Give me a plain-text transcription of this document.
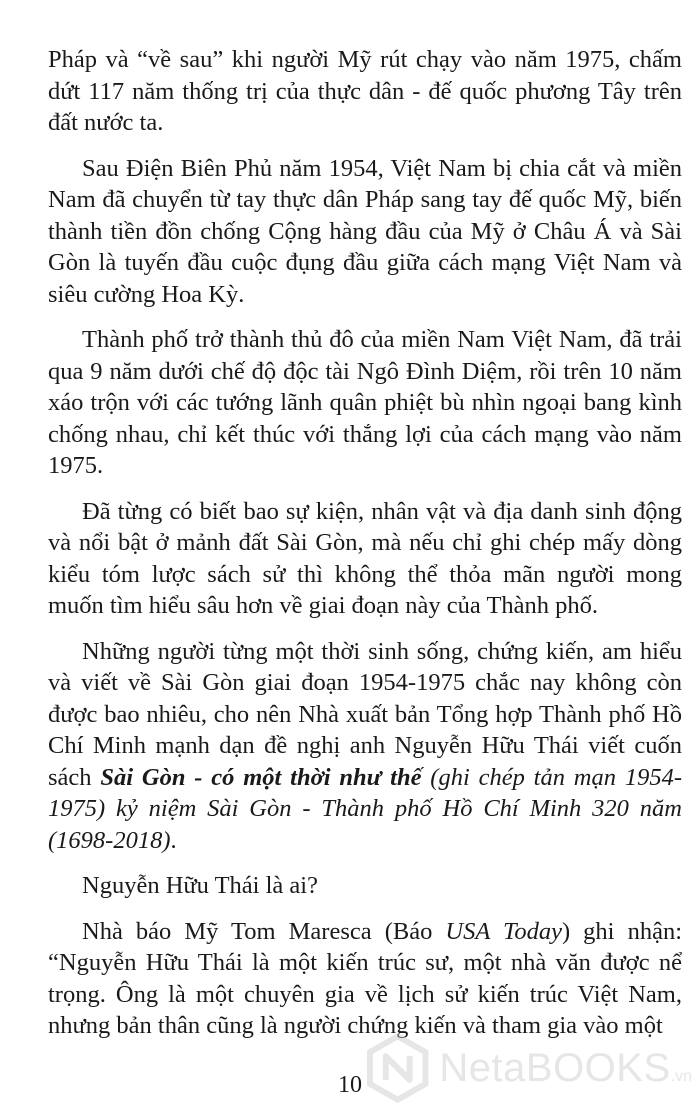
Pháp và “về sau” khi người Mỹ rút chạy vào năm 1975, chấm dứt 117 năm thống trị của thực dân - đế quốc phương Tây trên đất nước ta.

Sau Điện Biên Phủ năm 1954, Việt Nam bị chia cắt và miền Nam đã chuyển từ tay thực dân Pháp sang tay đế quốc Mỹ, biến thành tiền đồn chống Cộng hàng đầu của Mỹ ở Châu Á và Sài Gòn là tuyến đầu cuộc đụng đầu giữa cách mạng Việt Nam và siêu cường Hoa Kỳ.

Thành phố trở thành thủ đô của miền Nam Việt Nam, đã trải qua 9 năm dưới chế độ độc tài Ngô Đình Diệm, rồi trên 10 năm xáo trộn với các tướng lãnh quân phiệt bù nhìn ngoại bang kình chống nhau, chỉ kết thúc với thắng lợi của cách mạng vào năm 1975.

Đã từng có biết bao sự kiện, nhân vật và địa danh sinh động và nổi bật ở mảnh đất Sài Gòn, mà nếu chỉ ghi chép mấy dòng kiểu tóm lược sách sử thì không thể thỏa mãn người mong muốn tìm hiểu sâu hơn về giai đoạn này của Thành phố.

Những người từng một thời sinh sống, chứng kiến, am hiểu và viết về Sài Gòn giai đoạn 1954-1975 chắc nay không còn được bao nhiêu, cho nên Nhà xuất bản Tổng hợp Thành phố Hồ Chí Minh mạnh dạn đề nghị anh Nguyễn Hữu Thái viết cuốn sách Sài Gòn - có một thời như thế (ghi chép tản mạn 1954-1975) kỷ niệm Sài Gòn - Thành phố Hồ Chí Minh 320 năm (1698-2018).

Nguyễn Hữu Thái là ai?

Nhà báo Mỹ Tom Maresca (Báo USA Today) ghi nhận: “Nguyễn Hữu Thái là một kiến trúc sư, một nhà văn được nể trọng. Ông là một chuyên gia về lịch sử kiến trúc Việt Nam, nhưng bản thân cũng là người chứng kiến và tham gia vào một

10	NetaBOOKS .vn
